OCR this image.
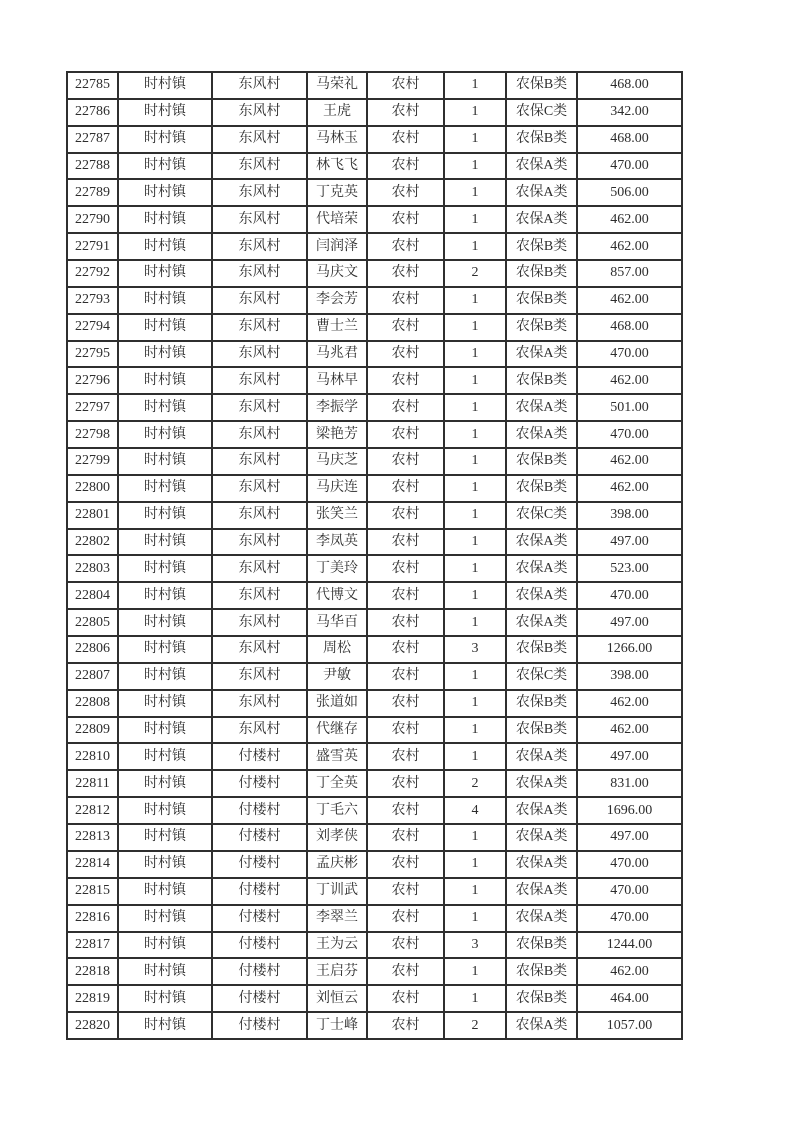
22785	时村镇	东风村	马荣礼	农村	1	农保B类	468.00
22786	时村镇	东风村	王虎	农村	1	农保C类	342.00
22787	时村镇	东风村	马林玉	农村	1	农保B类	468.00
22788	时村镇	东风村	林飞飞	农村	1	农保A类	470.00
22789	时村镇	东风村	丁克英	农村	1	农保A类	506.00
22790	时村镇	东风村	代培荣	农村	1	农保A类	462.00
22791	时村镇	东风村	闫润泽	农村	1	农保B类	462.00
22792	时村镇	东风村	马庆文	农村	2	农保B类	857.00
22793	时村镇	东风村	李会芳	农村	1	农保B类	462.00
22794	时村镇	东风村	曹士兰	农村	1	农保B类	468.00
22795	时村镇	东风村	马兆君	农村	1	农保A类	470.00
22796	时村镇	东风村	马林早	农村	1	农保B类	462.00
22797	时村镇	东风村	李振学	农村	1	农保A类	501.00
22798	时村镇	东风村	梁艳芳	农村	1	农保A类	470.00
22799	时村镇	东风村	马庆芝	农村	1	农保B类	462.00
22800	时村镇	东风村	马庆连	农村	1	农保B类	462.00
22801	时村镇	东风村	张笑兰	农村	1	农保C类	398.00
22802	时村镇	东风村	李凤英	农村	1	农保A类	497.00
22803	时村镇	东风村	丁美玲	农村	1	农保A类	523.00
22804	时村镇	东风村	代博文	农村	1	农保A类	470.00
22805	时村镇	东风村	马华百	农村	1	农保A类	497.00
22806	时村镇	东风村	周松	农村	3	农保B类	1266.00
22807	时村镇	东风村	尹敏	农村	1	农保C类	398.00
22808	时村镇	东风村	张道如	农村	1	农保B类	462.00
22809	时村镇	东风村	代继存	农村	1	农保B类	462.00
22810	时村镇	付楼村	盛雪英	农村	1	农保A类	497.00
22811	时村镇	付楼村	丁全英	农村	2	农保A类	831.00
22812	时村镇	付楼村	丁毛六	农村	4	农保A类	1696.00
22813	时村镇	付楼村	刘孝侠	农村	1	农保A类	497.00
22814	时村镇	付楼村	孟庆彬	农村	1	农保A类	470.00
22815	时村镇	付楼村	丁训武	农村	1	农保A类	470.00
22816	时村镇	付楼村	李翠兰	农村	1	农保A类	470.00
22817	时村镇	付楼村	王为云	农村	3	农保B类	1244.00
22818	时村镇	付楼村	王启芬	农村	1	农保B类	462.00
22819	时村镇	付楼村	刘恒云	农村	1	农保B类	464.00
22820	时村镇	付楼村	丁士峰	农村	2	农保A类	1057.00
